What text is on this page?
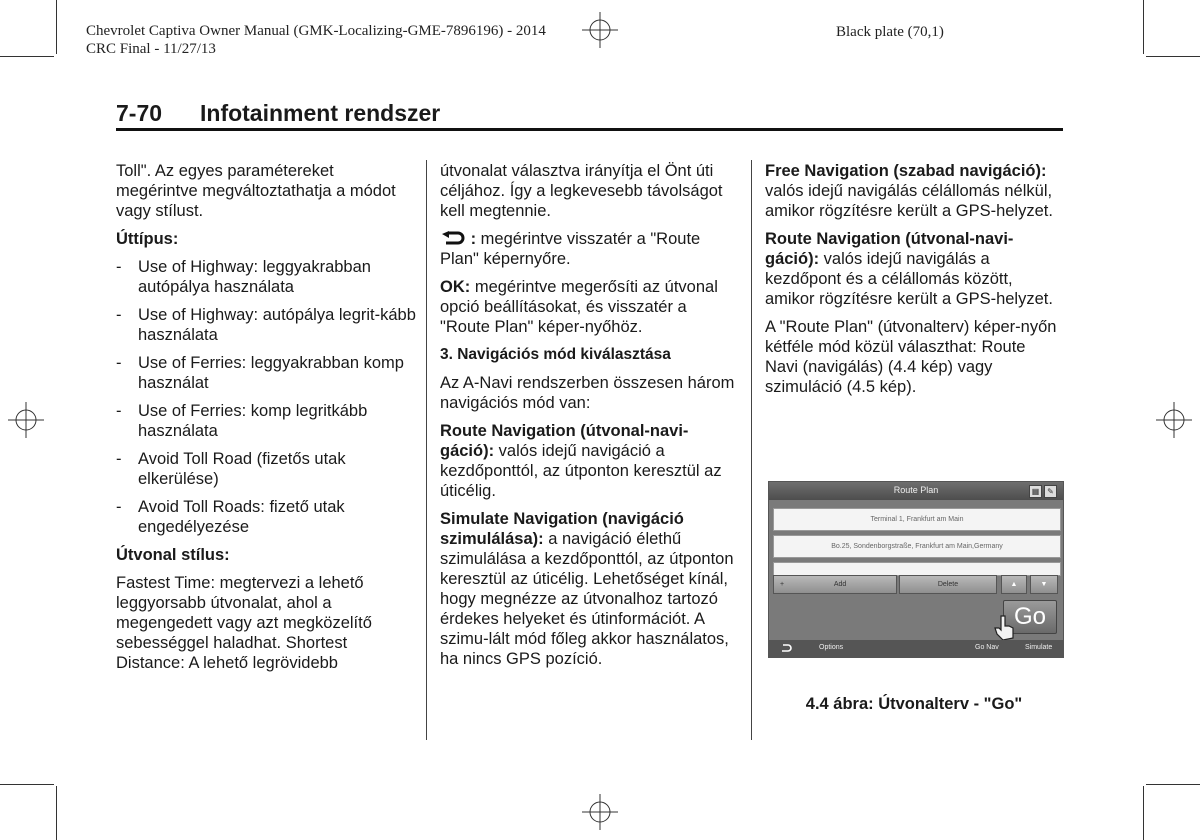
Chevrolet Captiva Owner Manual (GMK-Localizing-GME-7896196) - 2014
CRC Final - 11/27/13
Black plate (70,1)
7-70 Infotainment rendszer

Toll". Az egyes paramétereket megérintve megváltoztathatja a módot vagy stílust.

Úttípus:

- Use of Highway: leggyakrabban autópálya használata
- Use of Highway: autópálya legrit-kább használata
- Use of Ferries: leggyakrabban komp használat
- Use of Ferries: komp legritkább használata
- Avoid Toll Road (fizetős utak elkerülése)
- Avoid Toll Roads: fizető utak engedélyezése

Útvonal stílus:

Fastest Time: megtervezi a lehető leggyorsabb útvonalat, ahol a megengedett vagy azt megközelítő sebességgel haladhat. Shortest Distance: A lehető legrövidebb

útvonalat választva irányítja el Önt úti céljához. Így a legkevesebb távolságot kell megtennie.

: megérintve visszatér a "Route Plan" képernyőre.

OK: megérintve megerősíti az útvonal opció beállításokat, és visszatér a "Route Plan" képer-nyőhöz.

3. Navigációs mód kiválasztása

Az A-Navi rendszerben összesen három navigációs mód van:

Route Navigation (útvonal-navi-gáció): valós idejű navigáció a kezdőponttól, az útponton keresztül az úticélig.

Simulate Navigation (navigáció szimulálása): a navigáció élethű szimulálása a kezdőponttól, az útponton keresztül az úticélig. Lehetőséget kínál, hogy megnézze az útvonalhoz tartozó érdekes helyeket és útinformációt. A szimu-lált mód főleg akkor használatos, ha nincs GPS pozíció.

Free Navigation (szabad navigáció): valós idejű navigálás célállomás nélkül, amikor rögzítésre került a GPS-helyzet.

Route Navigation (útvonal-navi-gáció): valós idejű navigálás a kezdőpont és a célállomás között, amikor rögzítésre került a GPS-helyzet.

A "Route Plan" (útvonalterv) képer-nyőn kétféle mód közül választhat: Route Navi (navigálás) (4.4 kép) vagy szimuláció (4.5 kép).

Route Plan	▦ ✎
Terminal 1, Frankfurt am Main
Bo.25, Sondenborgstraße, Frankfurt am Main,Germany
+	Add	Delete	▲	▼
Go
Options	Go Nav	Simulate
4.4 ábra: Útvonalterv - "Go"
